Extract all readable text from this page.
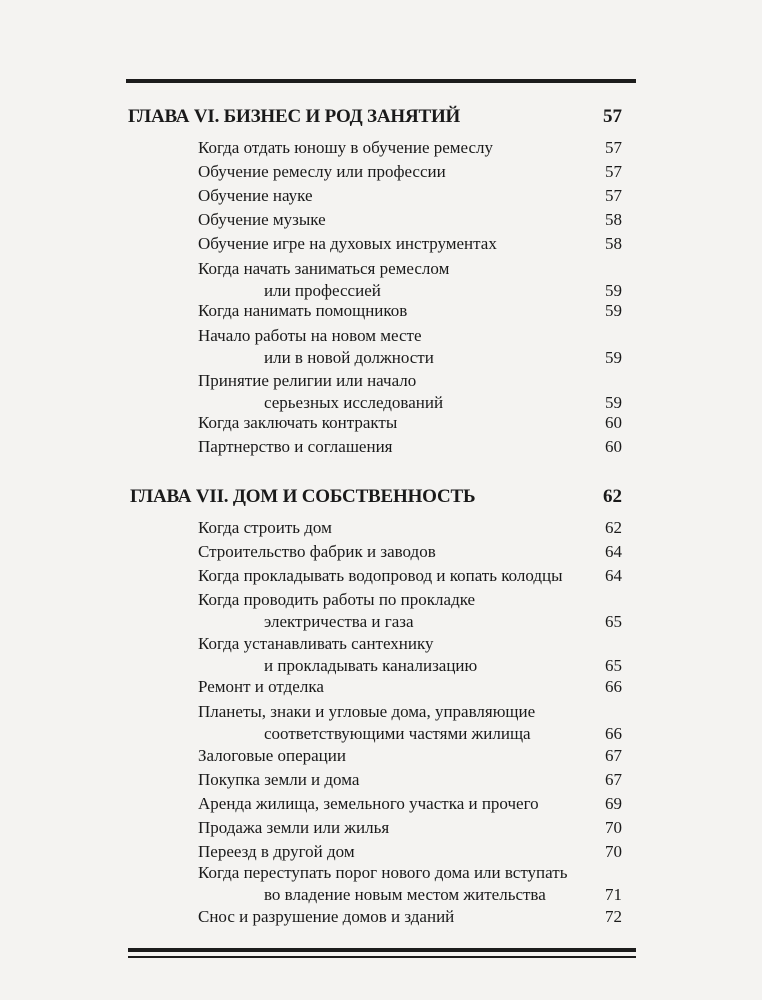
ГЛАВА VI. БИЗНЕС И РОД ЗАНЯТИЙ	57
Когда отдать юношу в обучение ремеслу	57
Обучение ремеслу или профессии	57
Обучение науке	57
Обучение музыке	58
Обучение игре на духовых инструментах	58
Когда начать заниматься ремеслом
или профессией	59
Когда нанимать помощников	59
Начало работы на новом месте
или в новой должности	59
Принятие религии или начало
серьезных исследований	59
Когда заключать контракты	60
Партнерство и соглашения	60
ГЛАВА VII. ДОМ И СОБСТВЕННОСТЬ	62
Когда строить дом	62
Строительство фабрик и заводов	64
Когда прокладывать водопровод и копать колодцы	64
Когда проводить работы по прокладке
электричества и газа	65
Когда устанавливать сантехнику
и прокладывать канализацию	65
Ремонт и отделка	66
Планеты, знаки и угловые дома, управляющие
соответствующими частями жилища	66
Залоговые операции	67
Покупка земли и дома	67
Аренда жилища, земельного участка и прочего	69
Продажа земли или жилья	70
Переезд в другой дом	70
Когда переступать порог нового дома или вступать
во владение новым местом жительства	71
Снос и разрушение домов и зданий	72
